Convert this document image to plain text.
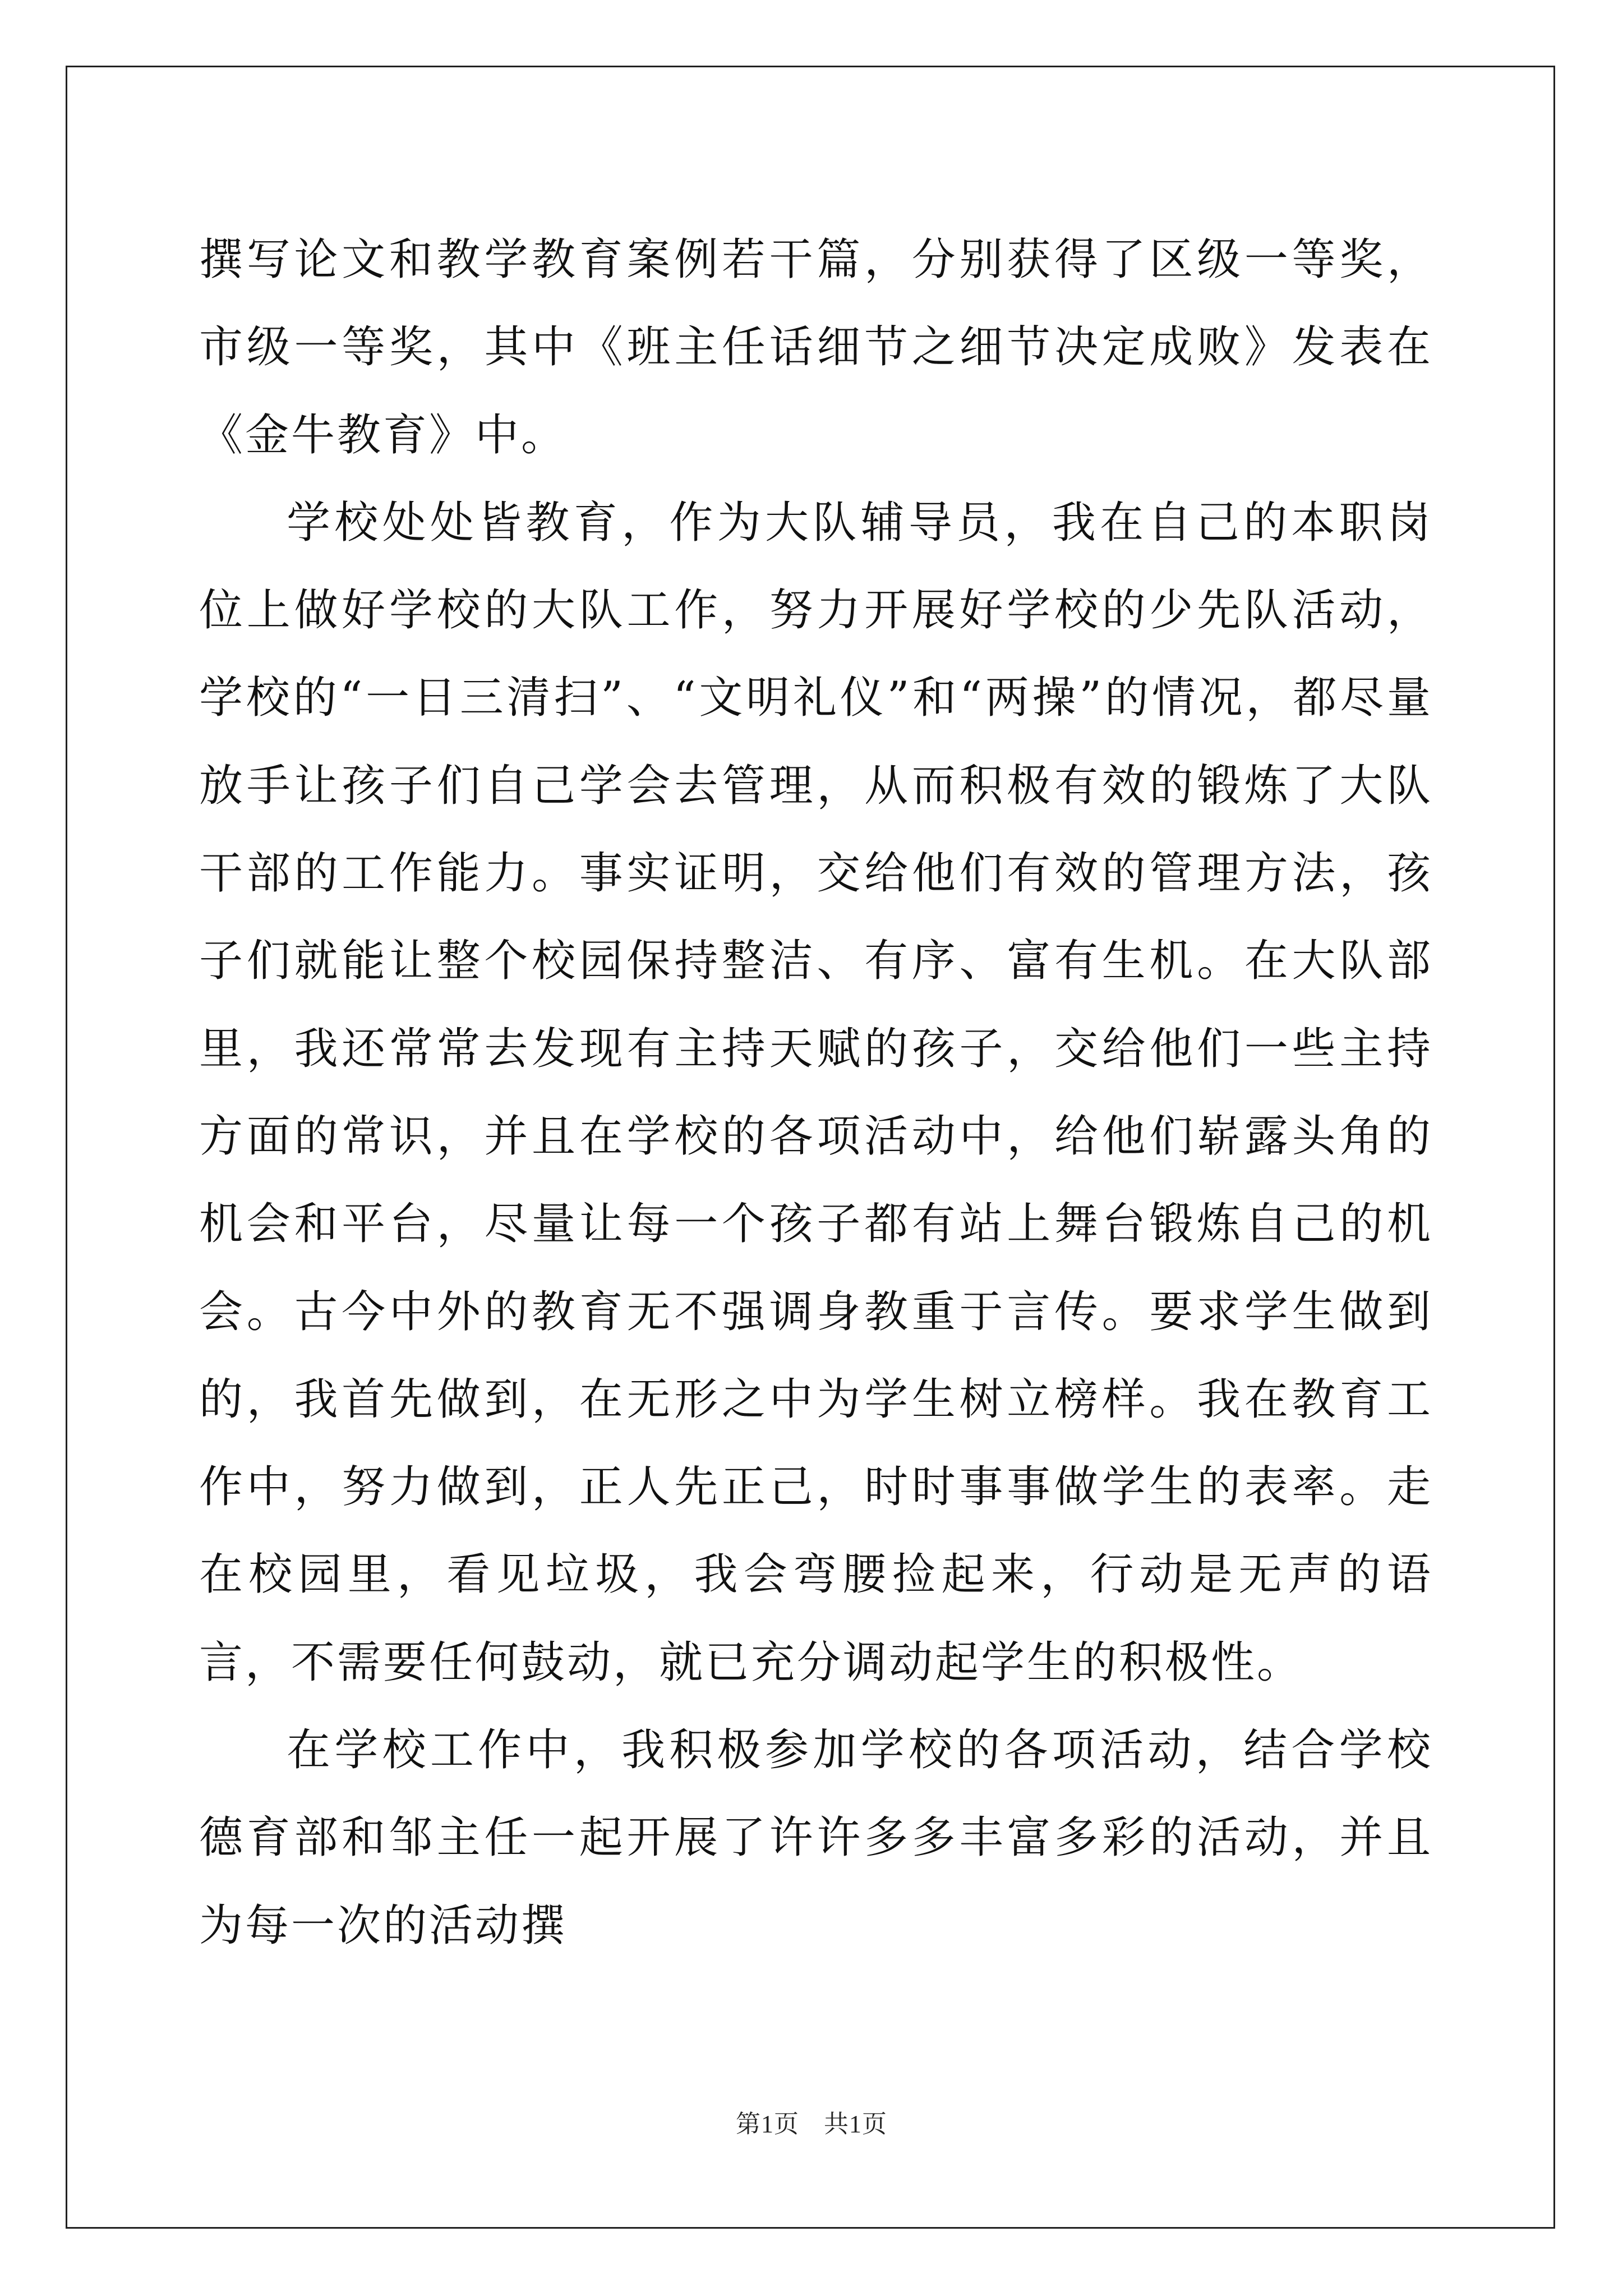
撰写论文和教学教育案例若干篇，分别获得了区级一等奖，市级一等奖，其中《班主任话细节之细节决定成败》发表在《金牛教育》中。

学校处处皆教育，作为大队辅导员，我在自己的本职岗位上做好学校的大队工作，努力开展好学校的少先队活动，学校的“一日三清扫”、“文明礼仪”和“两操”的情况，都尽量放手让孩子们自己学会去管理，从而积极有效的锻炼了大队干部的工作能力。事实证明，交给他们有效的管理方法，孩子们就能让整个校园保持整洁、有序、富有生机。在大队部里，我还常常去发现有主持天赋的孩子，交给他们一些主持方面的常识，并且在学校的各项活动中，给他们崭露头角的机会和平台，尽量让每一个孩子都有站上舞台锻炼自己的机会。古今中外的教育无不强调身教重于言传。要求学生做到的，我首先做到，在无形之中为学生树立榜样。我在教育工作中，努力做到，正人先正己，时时事事做学生的表率。走在校园里，看见垃圾，我会弯腰捡起来，行动是无声的语言，不需要任何鼓动，就已充分调动起学生的积极性。

在学校工作中，我积极参加学校的各项活动，结合学校德育部和邹主任一起开展了许许多多丰富多彩的活动，并且为每一次的活动撰

第1页 共1页
